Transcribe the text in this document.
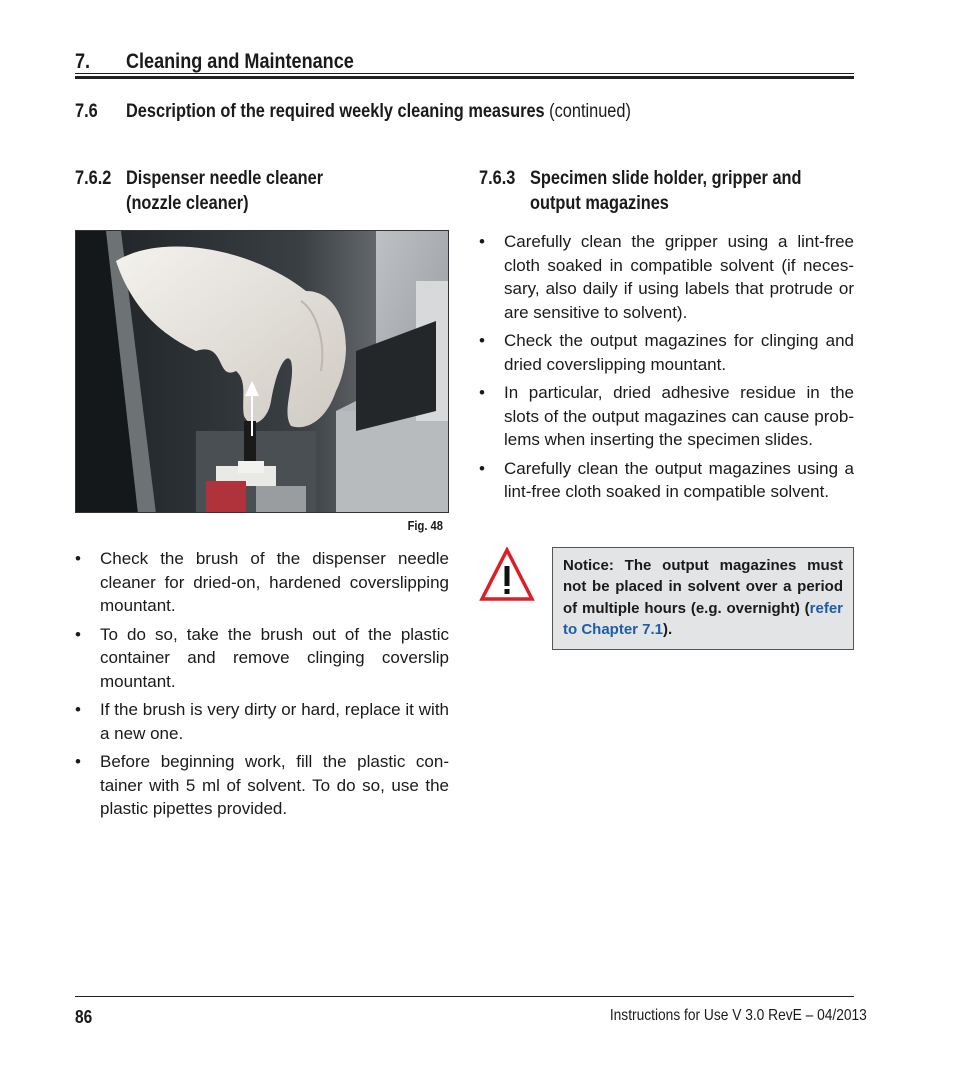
7. Cleaning and Maintenance
7.6 Description of the required weekly cleaning measures (continued)
7.6.2 Dispenser needle cleaner
(nozzle cleaner)
7.6.3 Specimen slide holder, gripper and
output magazines
Fig. 48
• Check the brush of the dispenser needle cleaner for dried-on, hardened coverslipping mountant.
• To do so, take the brush out of the plastic container and remove clinging coverslip mountant.
• If the brush is very dirty or hard, replace it with a new one.
• Before beginning work, fill the plastic con-tainer with 5 ml of solvent. To do so, use the plastic pipettes provided.
• Carefully clean the gripper using a lint-free cloth soaked in compatible solvent (if neces-sary, also daily if using labels that protrude or are sensitive to solvent).
• Check the output magazines for clinging and dried coverslipping mountant.
• In particular, dried adhesive residue in the slots of the output magazines can cause prob-lems when inserting the specimen slides.
• Carefully clean the output magazines using a lint-free cloth soaked in compatible solvent.
Notice: The output magazines must not be placed in solvent over a period of multiple hours (e.g. overnight) (refer to Chapter 7.1).
86	Instructions for Use V 3.0 RevE – 04/2013
